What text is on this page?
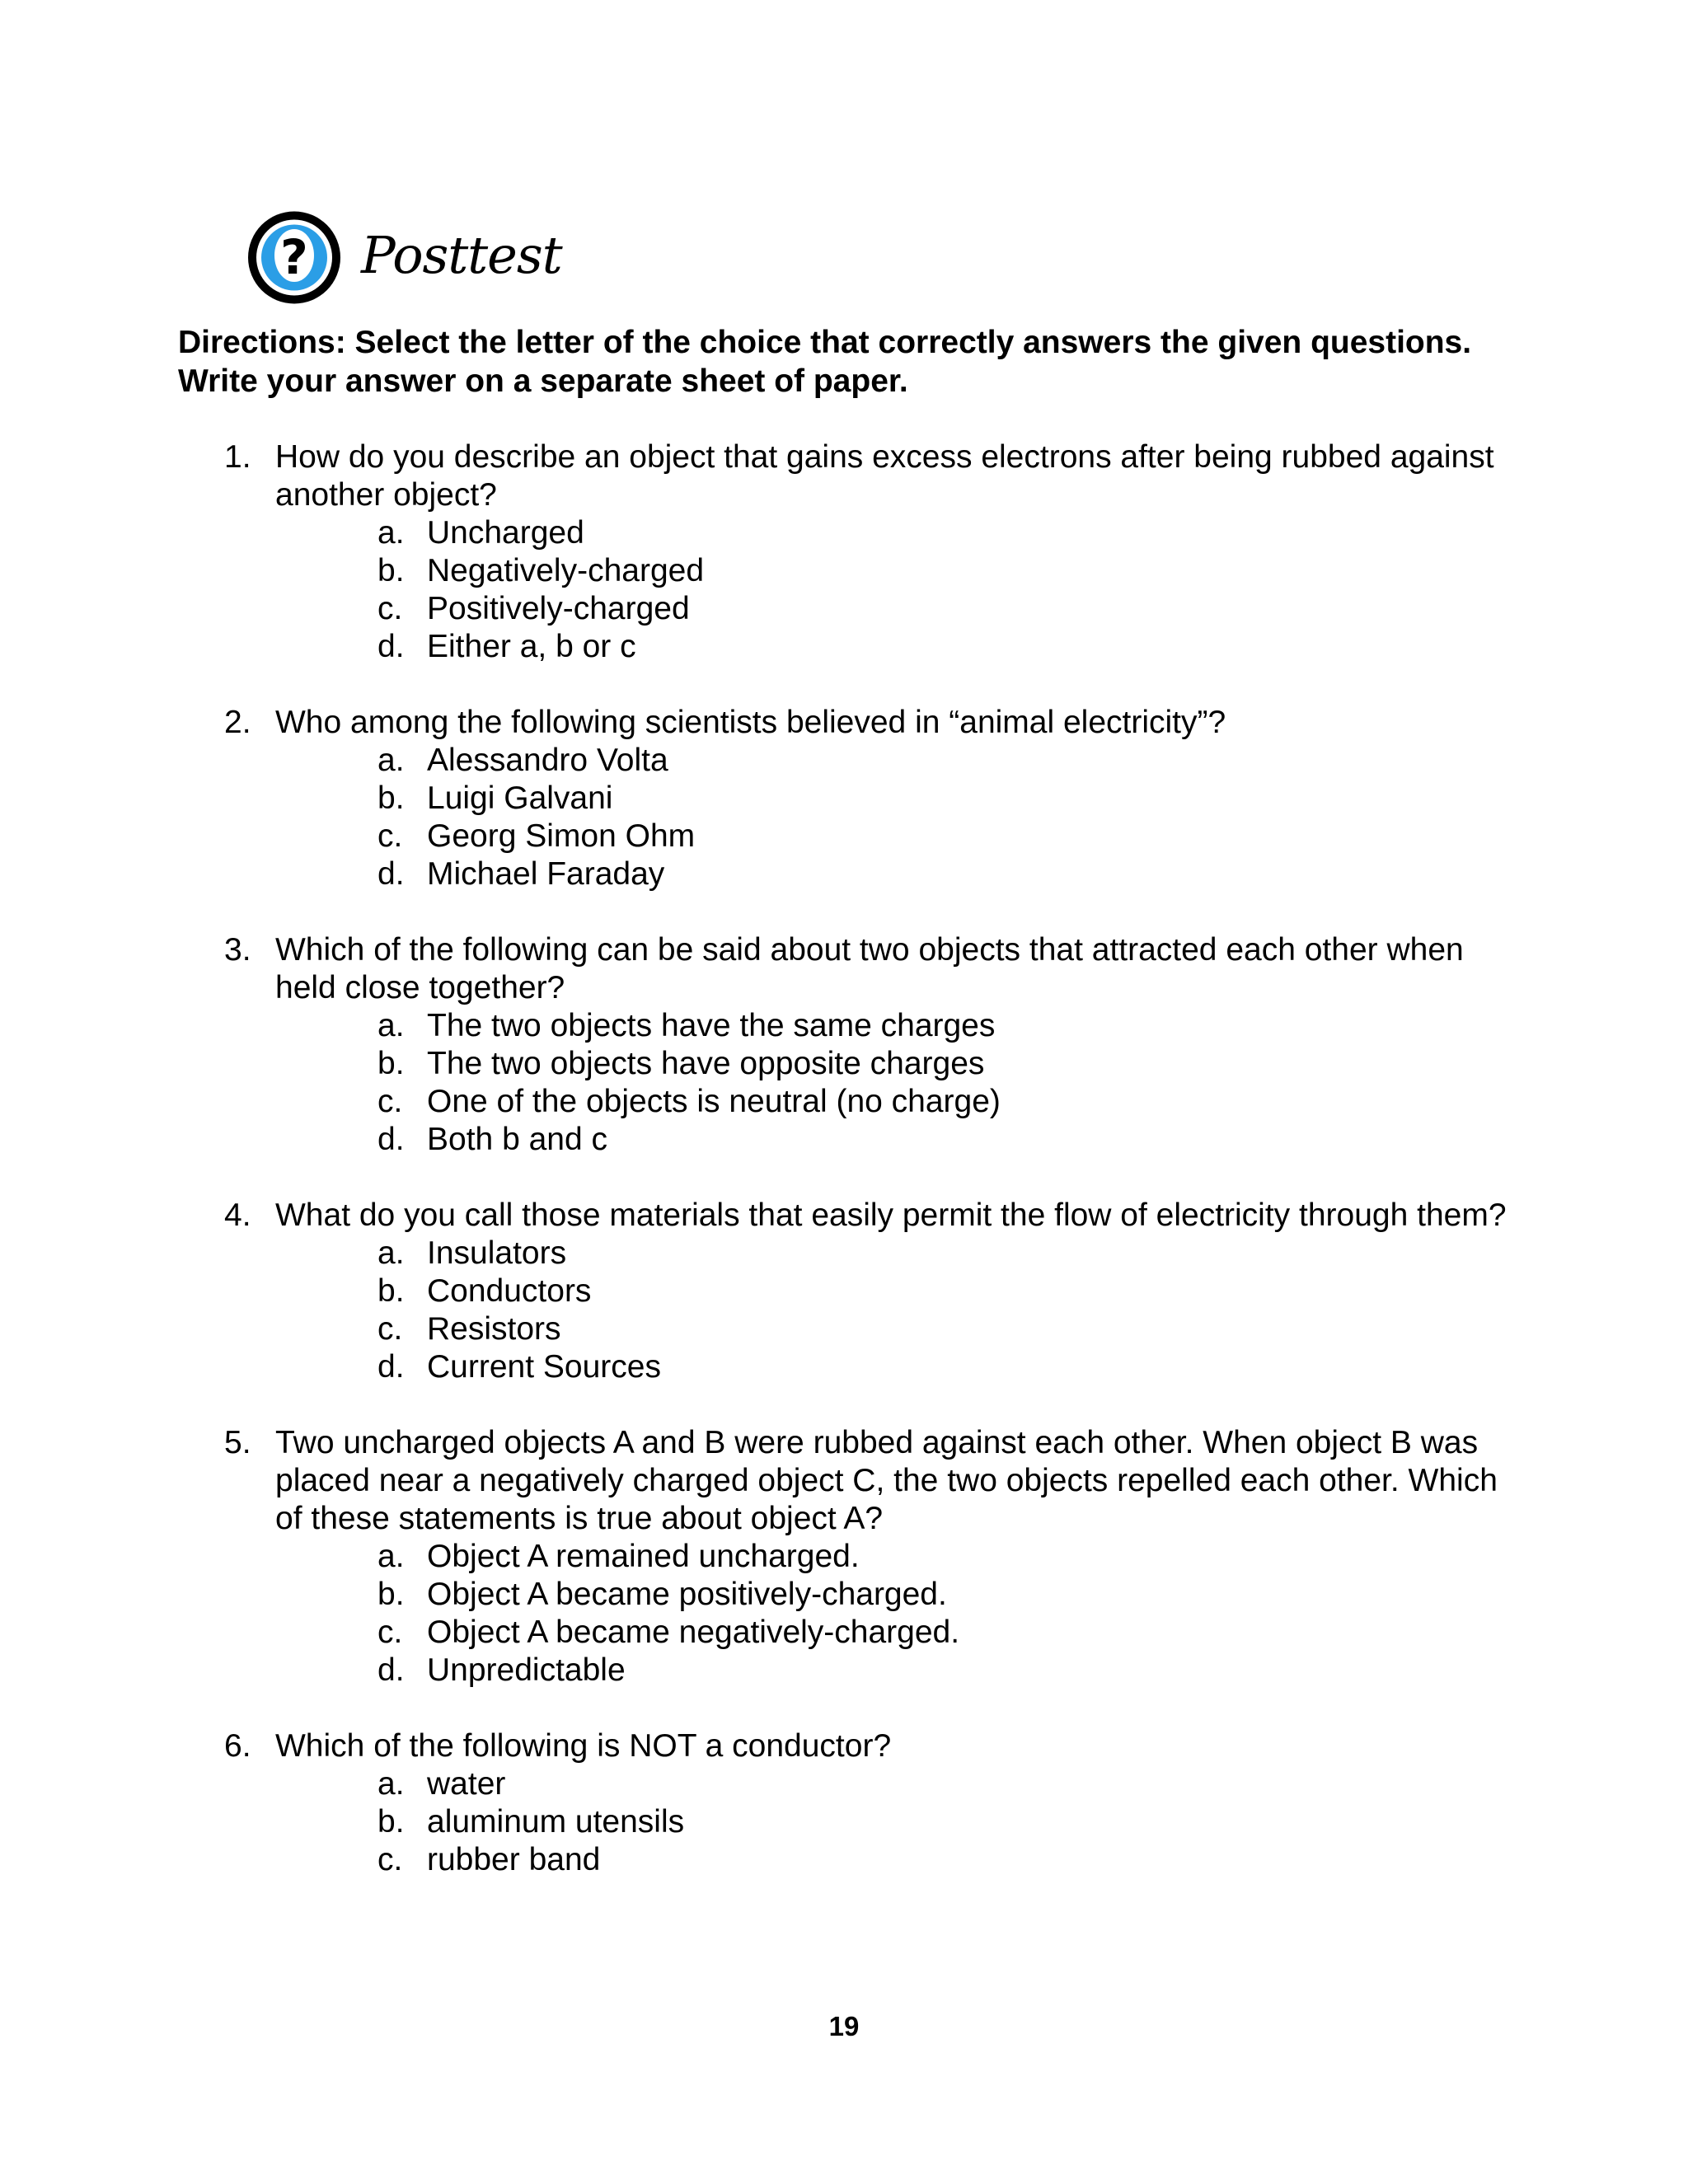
? Posttest
Directions: Select the letter of the choice that correctly answers the given questions.
Write your answer on a separate sheet of paper.
1. How do you describe an object that gains excess electrons after being rubbed against another object?
a. Uncharged
b. Negatively-charged
c. Positively-charged
d. Either a, b or c
2. Who among the following scientists believed in “animal electricity”?
a. Alessandro Volta
b. Luigi Galvani
c. Georg Simon Ohm
d. Michael Faraday
3. Which of the following can be said about two objects that attracted each other when held close together?
a. The two objects have the same charges
b. The two objects have opposite charges
c. One of the objects is neutral (no charge)
d. Both b and c
4. What do you call those materials that easily permit the flow of electricity through them?
a. Insulators
b. Conductors
c. Resistors
d. Current Sources
5. Two uncharged objects A and B were rubbed against each other. When object B was placed near a negatively charged object C, the two objects repelled each other. Which of these statements is true about object A?
a. Object A remained uncharged.
b. Object A became positively-charged.
c. Object A became negatively-charged.
d. Unpredictable
6. Which of the following is NOT a conductor?
a. water
b. aluminum utensils
c. rubber band
19
